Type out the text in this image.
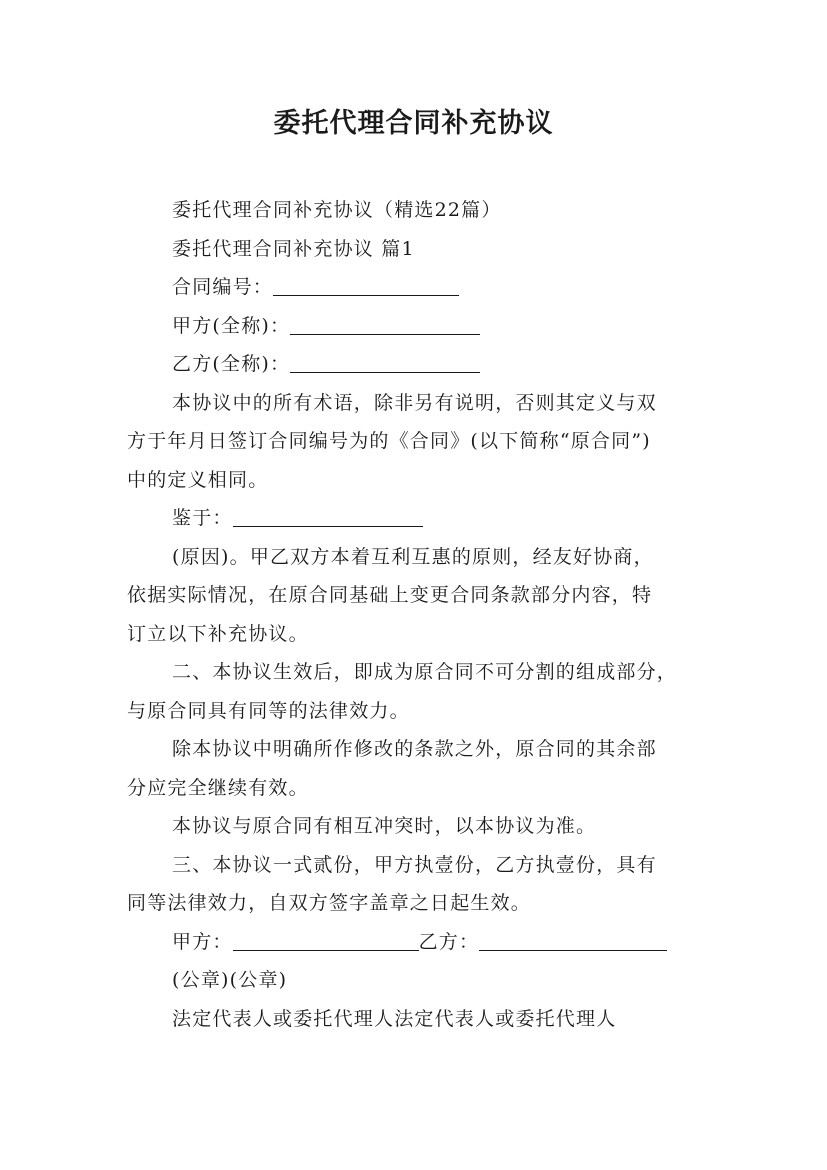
委托代理合同补充协议
委托代理合同补充协议（精选22篇）
委托代理合同补充协议 篇1
合同编号：
甲方(全称)：
乙方(全称)：
本协议中的所有术语，除非另有说明，否则其定义与双
方于年月日签订合同编号为的《合同》(以下简称“原合同”)
中的定义相同。
鉴于：
(原因)。甲乙双方本着互利互惠的原则，经友好协商，
依据实际情况，在原合同基础上变更合同条款部分内容，特
订立以下补充协议。
二、本协议生效后，即成为原合同不可分割的组成部分，
与原合同具有同等的法律效力。
除本协议中明确所作修改的条款之外，原合同的其余部
分应完全继续有效。
本协议与原合同有相互冲突时，以本协议为准。
三、本协议一式贰份，甲方执壹份，乙方执壹份，具有
同等法律效力，自双方签字盖章之日起生效。
甲方：	乙方：
(公章)(公章)
法定代表人或委托代理人法定代表人或委托代理人
